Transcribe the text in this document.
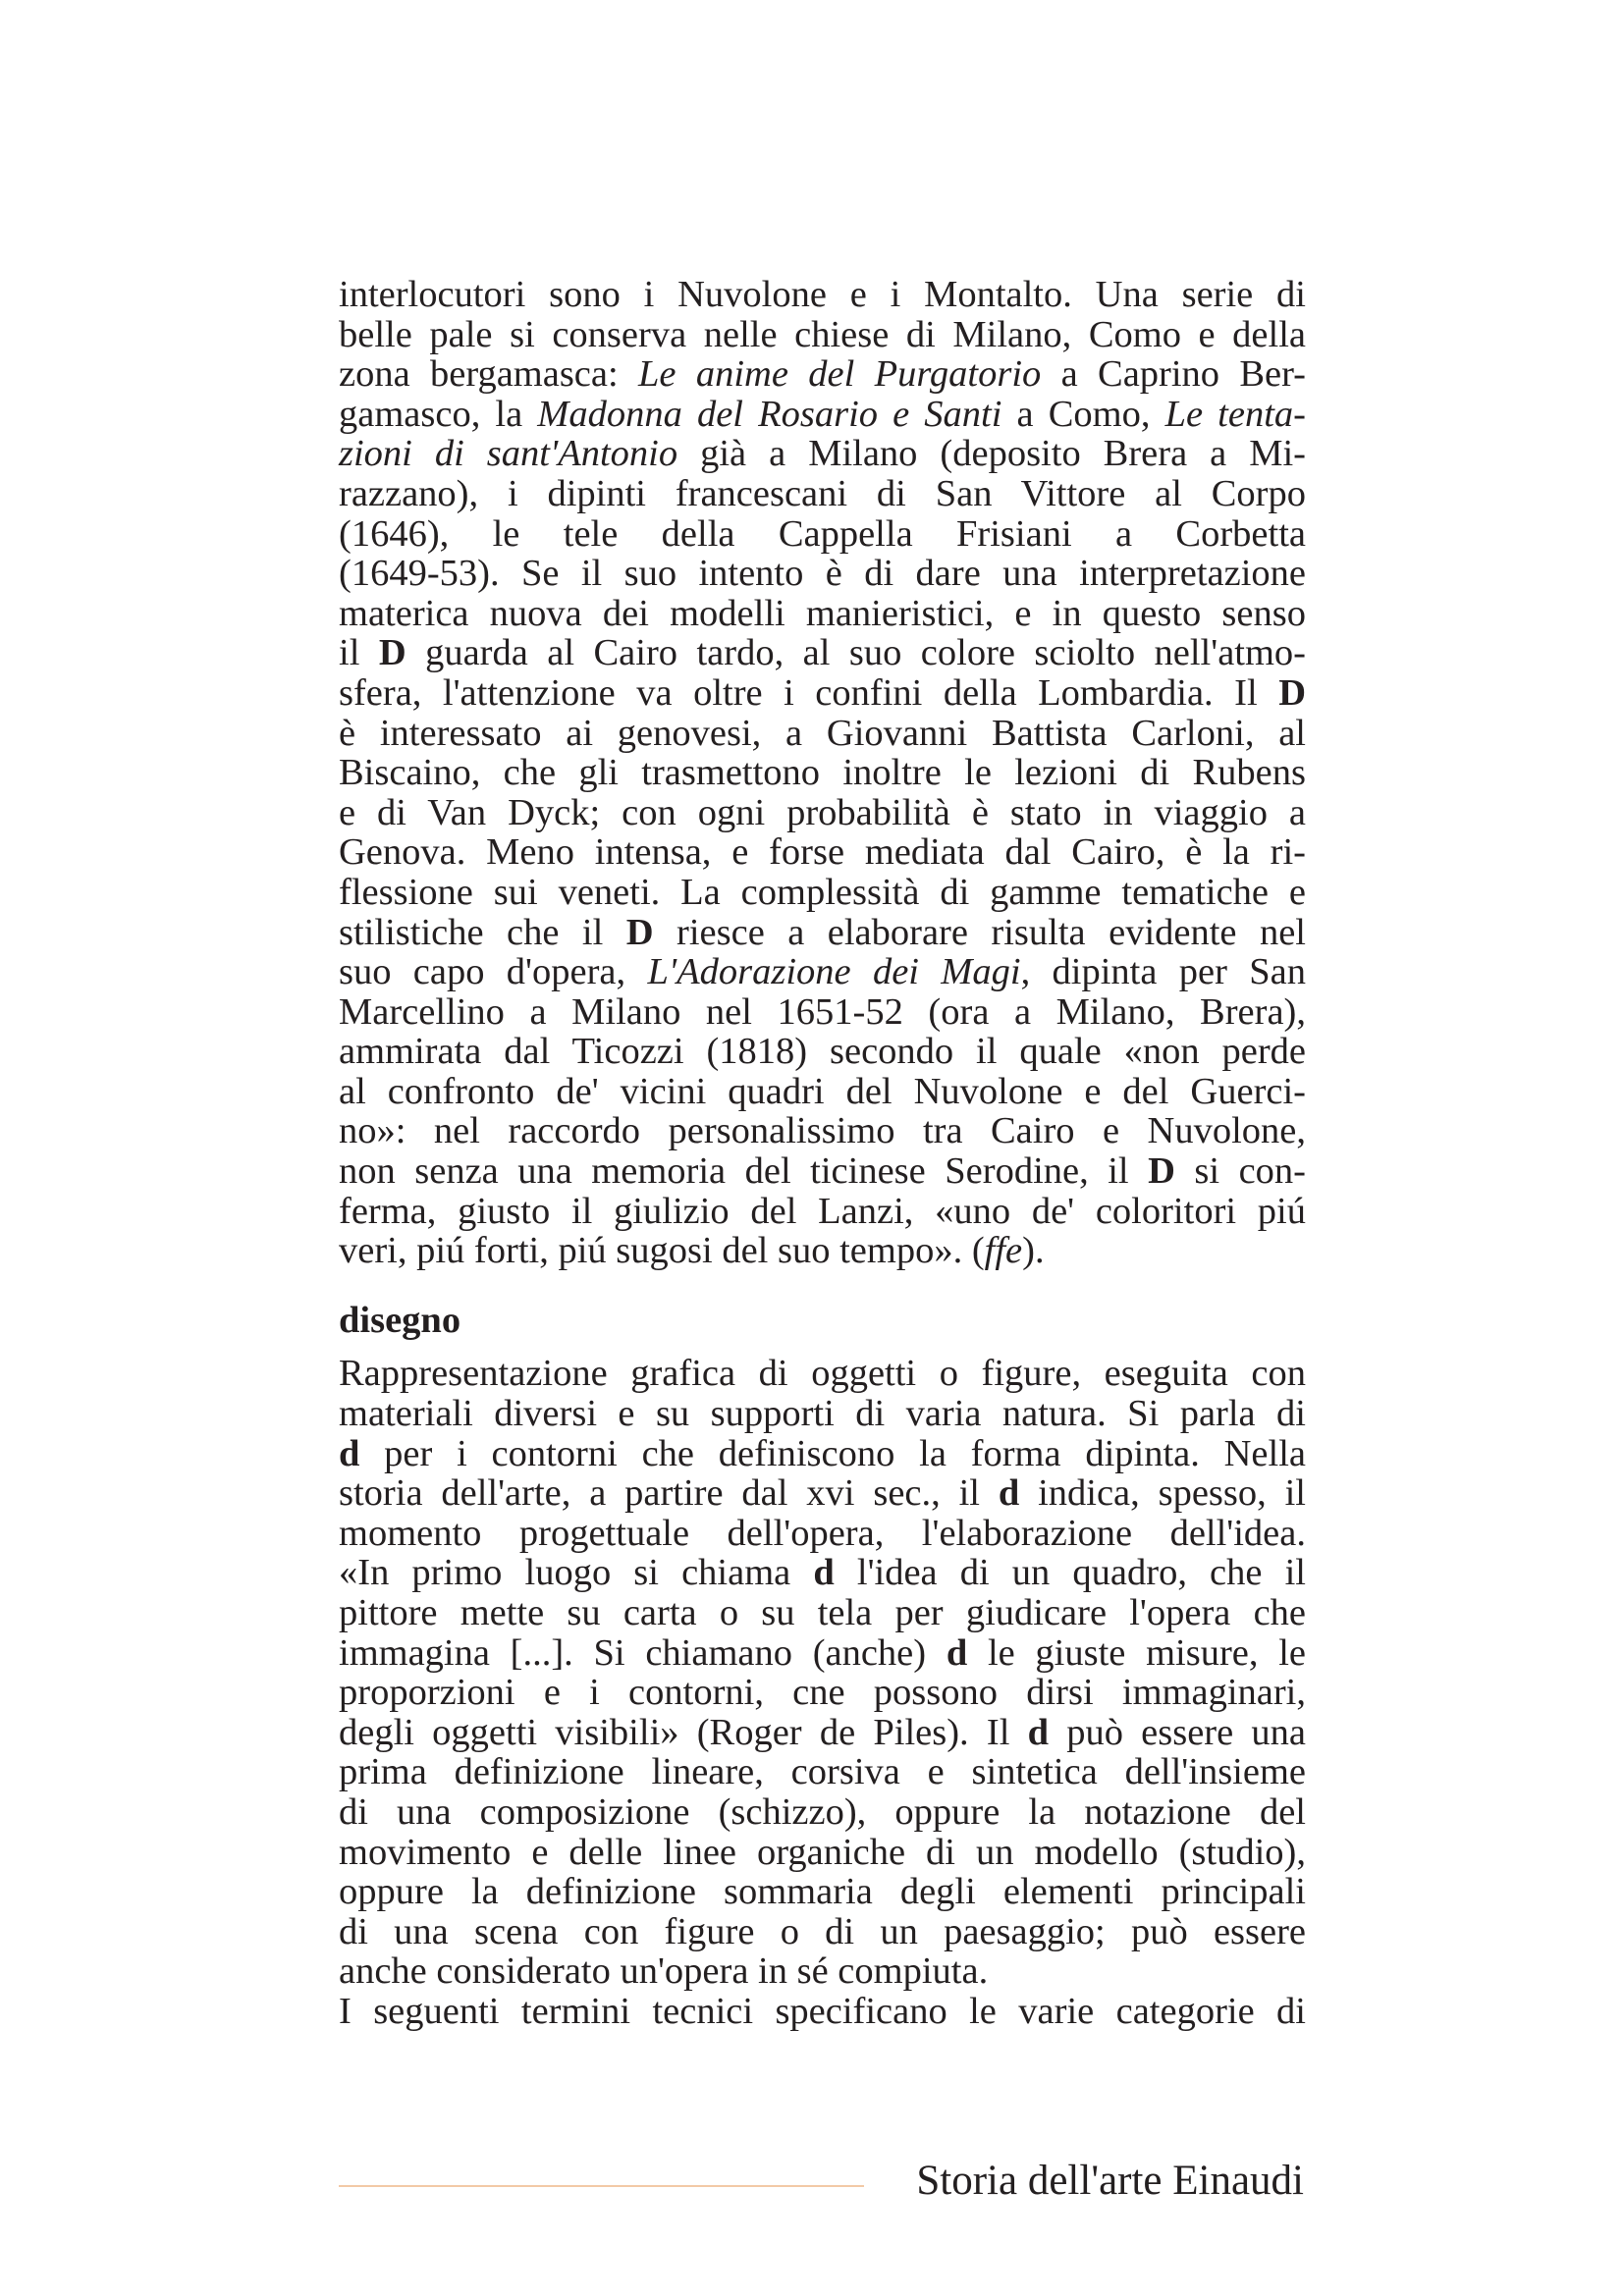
interlocutori sono i Nuvolone e i Montalto. Una serie di
belle pale si conserva nelle chiese di Milano, Como e della
zona bergamasca: Le anime del Purgatorio a Caprino Ber-
gamasco, la Madonna del Rosario e Santi a Como, Le tenta-
zioni di sant'Antonio già a Milano (deposito Brera a Mi-
razzano), i dipinti francescani di San Vittore al Corpo
(1646), le tele della Cappella Frisiani a Corbetta
(1649-53). Se il suo intento è di dare una interpretazione
materica nuova dei modelli manieristici, e in questo senso
il D guarda al Cairo tardo, al suo colore sciolto nell'atmo-
sfera, l'attenzione va oltre i confini della Lombardia. Il D
è interessato ai genovesi, a Giovanni Battista Carloni, al
Biscaino, che gli trasmettono inoltre le lezioni di Rubens
e di Van Dyck; con ogni probabilità è stato in viaggio a
Genova. Meno intensa, e forse mediata dal Cairo, è la ri-
flessione sui veneti. La complessità di gamme tematiche e
stilistiche che il D riesce a elaborare risulta evidente nel
suo capo d'opera, L'Adorazione dei Magi, dipinta per San
Marcellino a Milano nel 1651-52 (ora a Milano, Brera),
ammirata dal Ticozzi (1818) secondo il quale «non perde
al confronto de' vicini quadri del Nuvolone e del Guerci-
no»: nel raccordo personalissimo tra Cairo e Nuvolone,
non senza una memoria del ticinese Serodine, il D si con-
ferma, giusto il giulizio del Lanzi, «uno de' coloritori piú
veri, piú forti, piú sugosi del suo tempo». (ffe).
disegno
Rappresentazione grafica di oggetti o figure, eseguita con
materiali diversi e su supporti di varia natura. Si parla di
d per i contorni che definiscono la forma dipinta. Nella
storia dell'arte, a partire dal xvi sec., il d indica, spesso, il
momento progettuale dell'opera, l'elaborazione dell'idea.
«In primo luogo si chiama d l'idea di un quadro, che il
pittore mette su carta o su tela per giudicare l'opera che
immagina [...]. Si chiamano (anche) d le giuste misure, le
proporzioni e i contorni, cne possono dirsi immaginari,
degli oggetti visibili» (Roger de Piles). Il d può essere una
prima definizione lineare, corsiva e sintetica dell'insieme
di una composizione (schizzo), oppure la notazione del
movimento e delle linee organiche di un modello (studio),
oppure la definizione sommaria degli elementi principali
di una scena con figure o di un paesaggio; può essere
anche considerato un'opera in sé compiuta.
I seguenti termini tecnici specificano le varie categorie di
Storia dell'arte Einaudi
